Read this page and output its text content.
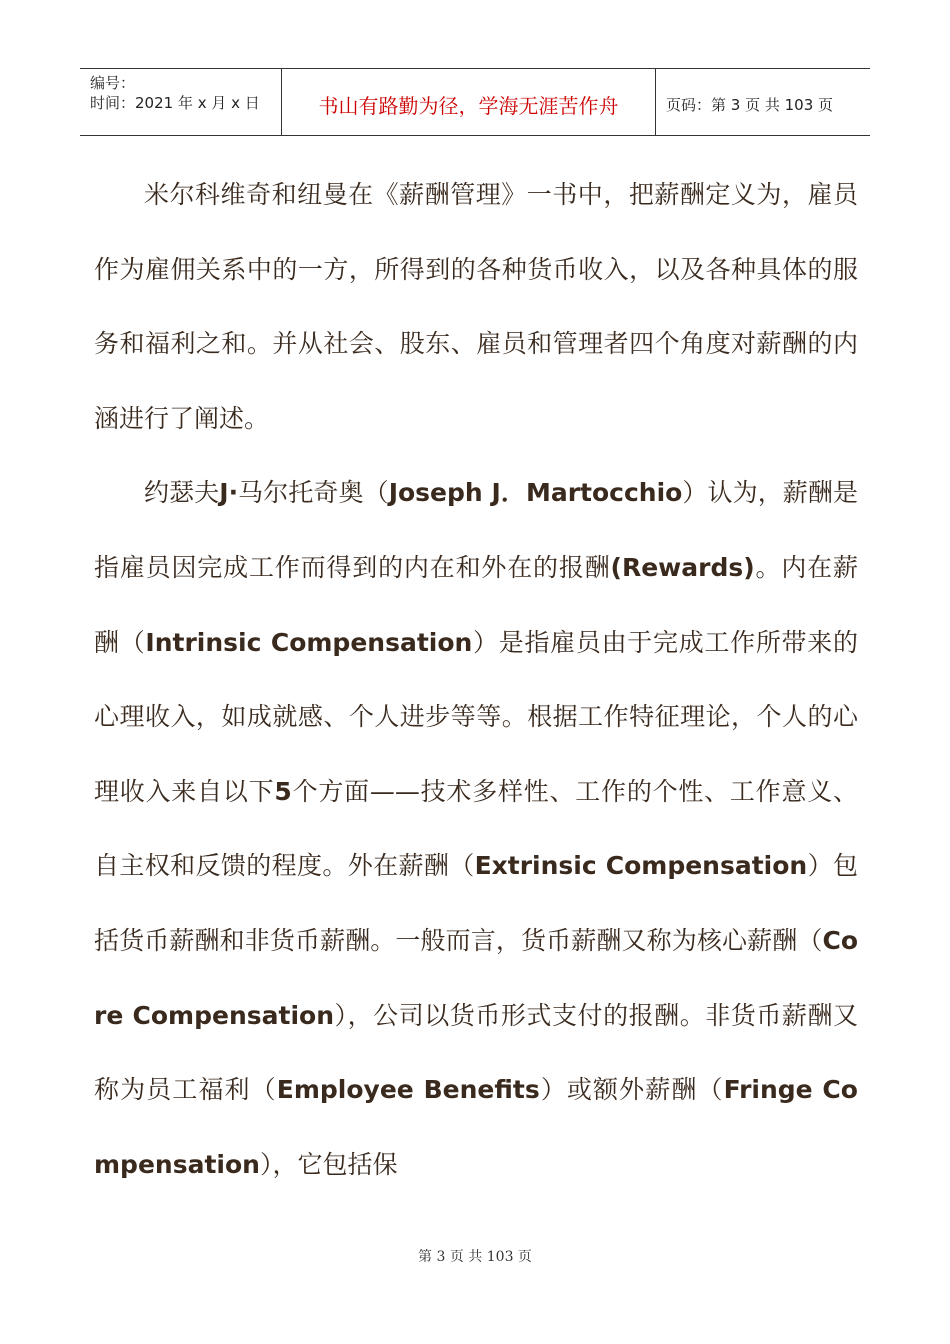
编号：
时间：2021 年 x 月 x 日	书山有路勤为径，学海无涯苦作舟	页码：第 3 页 共 103 页

米尔科维奇和纽曼在《薪酬管理》一书中，把薪酬定义为，雇员作为雇佣关系中的一方，所得到的各种货币收入，以及各种具体的服务和福利之和。并从社会、股东、雇员和管理者四个角度对薪酬的内涵进行了阐述。

约瑟夫J·马尔托奇奥（Joseph J．Martocchio）认为，薪酬是指雇员因完成工作而得到的内在和外在的报酬(Rewards)。内在薪酬（Intrinsic Compensation）是指雇员由于完成工作所带来的心理收入，如成就感、个人进步等等。根据工作特征理论，个人的心理收入来自以下5个方面——技术多样性、工作的个性、工作意义、自主权和反馈的程度。外在薪酬（Extrinsic Compensation）包括货币薪酬和非货币薪酬。一般而言，货币薪酬又称为核心薪酬（Core Compensation），公司以货币形式支付的报酬。非货币薪酬又称为员工福利（Employee Benefits）或额外薪酬（Fringe Compensation），它包括保

第 3 页 共 103 页
